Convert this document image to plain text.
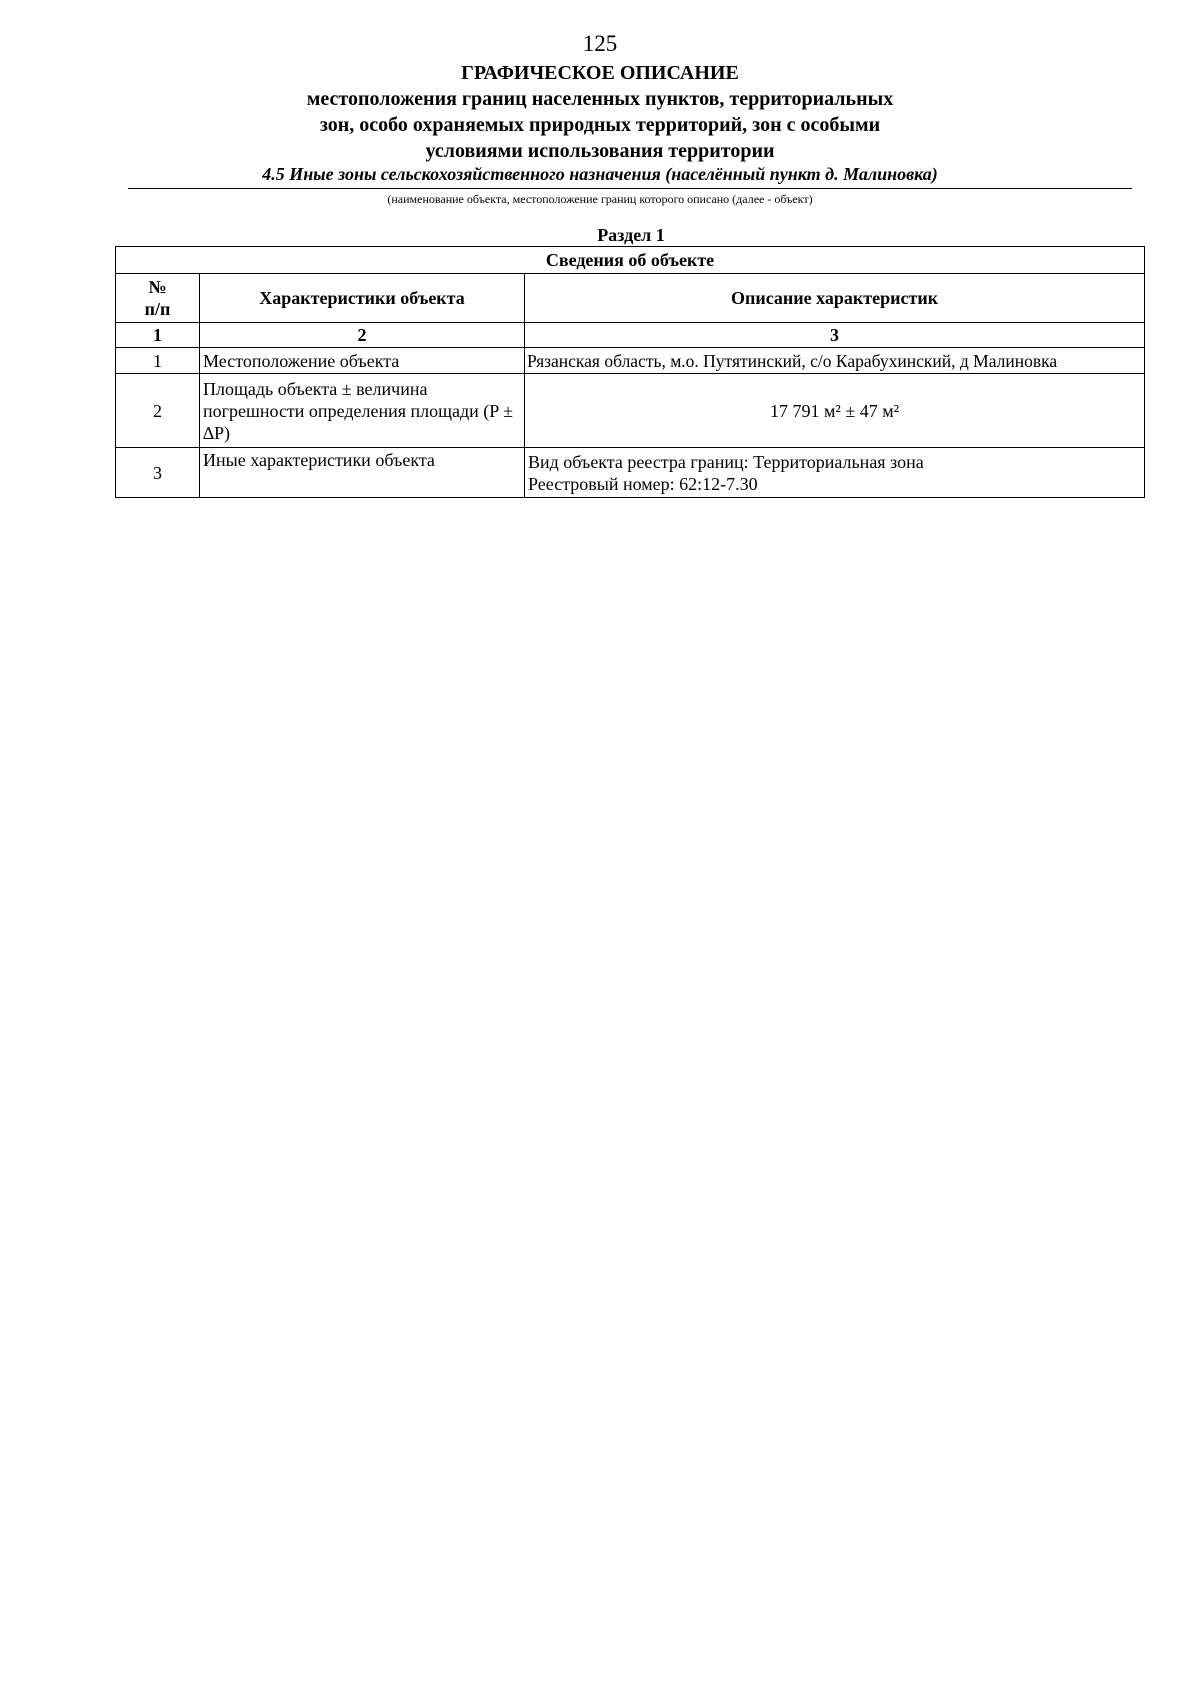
125
ГРАФИЧЕСКОЕ ОПИСАНИЕ
местоположения границ населенных пунктов, территориальных
зон, особо охраняемых природных территорий, зон с особыми
условиями использования территории
4.5 Иные зоны сельскохозяйственного назначения (населённый пункт д. Малиновка)
(наименование объекта, местоположение границ которого описано (далее - объект)
Раздел 1
Сведения об объекте		
№
п/п	Характеристики объекта	Описание характеристик
1	2	3
1	Местоположение объекта	Рязанская область, м.о. Путятинский, с/о Карабухинский, д Малиновка
2	Площадь объекта ± величина погрешности определения площади (P ± ∆P)	17 791 м² ± 47 м²
3	Иные характеристики объекта	Вид объекта реестра границ: Территориальная зона
Реестровый номер: 62:12-7.30
